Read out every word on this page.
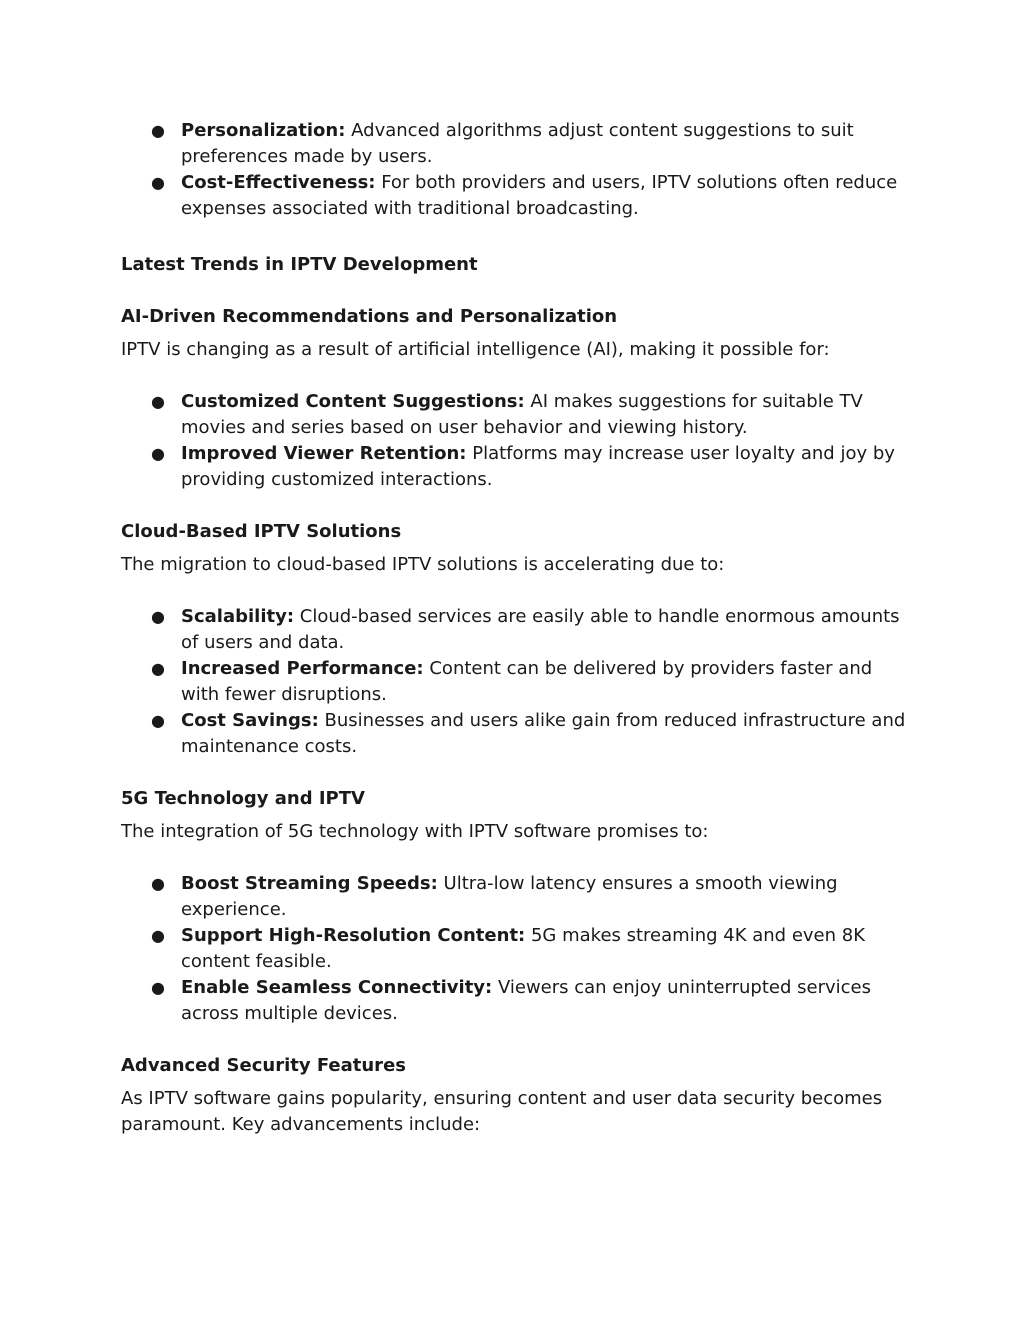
● Personalization: Advanced algorithms adjust content suggestions to suit preferences made by users.
● Cost-Effectiveness: For both providers and users, IPTV solutions often reduce expenses associated with traditional broadcasting.

Latest Trends in IPTV Development

AI-Driven Recommendations and Personalization

IPTV is changing as a result of artificial intelligence (AI), making it possible for:

● Customized Content Suggestions: AI makes suggestions for suitable TV movies and series based on user behavior and viewing history.
● Improved Viewer Retention: Platforms may increase user loyalty and joy by providing customized interactions.

Cloud-Based IPTV Solutions

The migration to cloud-based IPTV solutions is accelerating due to:

● Scalability: Cloud-based services are easily able to handle enormous amounts of users and data.
● Increased Performance: Content can be delivered by providers faster and with fewer disruptions.
● Cost Savings: Businesses and users alike gain from reduced infrastructure and maintenance costs.

5G Technology and IPTV

The integration of 5G technology with IPTV software promises to:

● Boost Streaming Speeds: Ultra-low latency ensures a smooth viewing experience.
● Support High-Resolution Content: 5G makes streaming 4K and even 8K content feasible.
● Enable Seamless Connectivity: Viewers can enjoy uninterrupted services across multiple devices.

Advanced Security Features

As IPTV software gains popularity, ensuring content and user data security becomes paramount. Key advancements include:
